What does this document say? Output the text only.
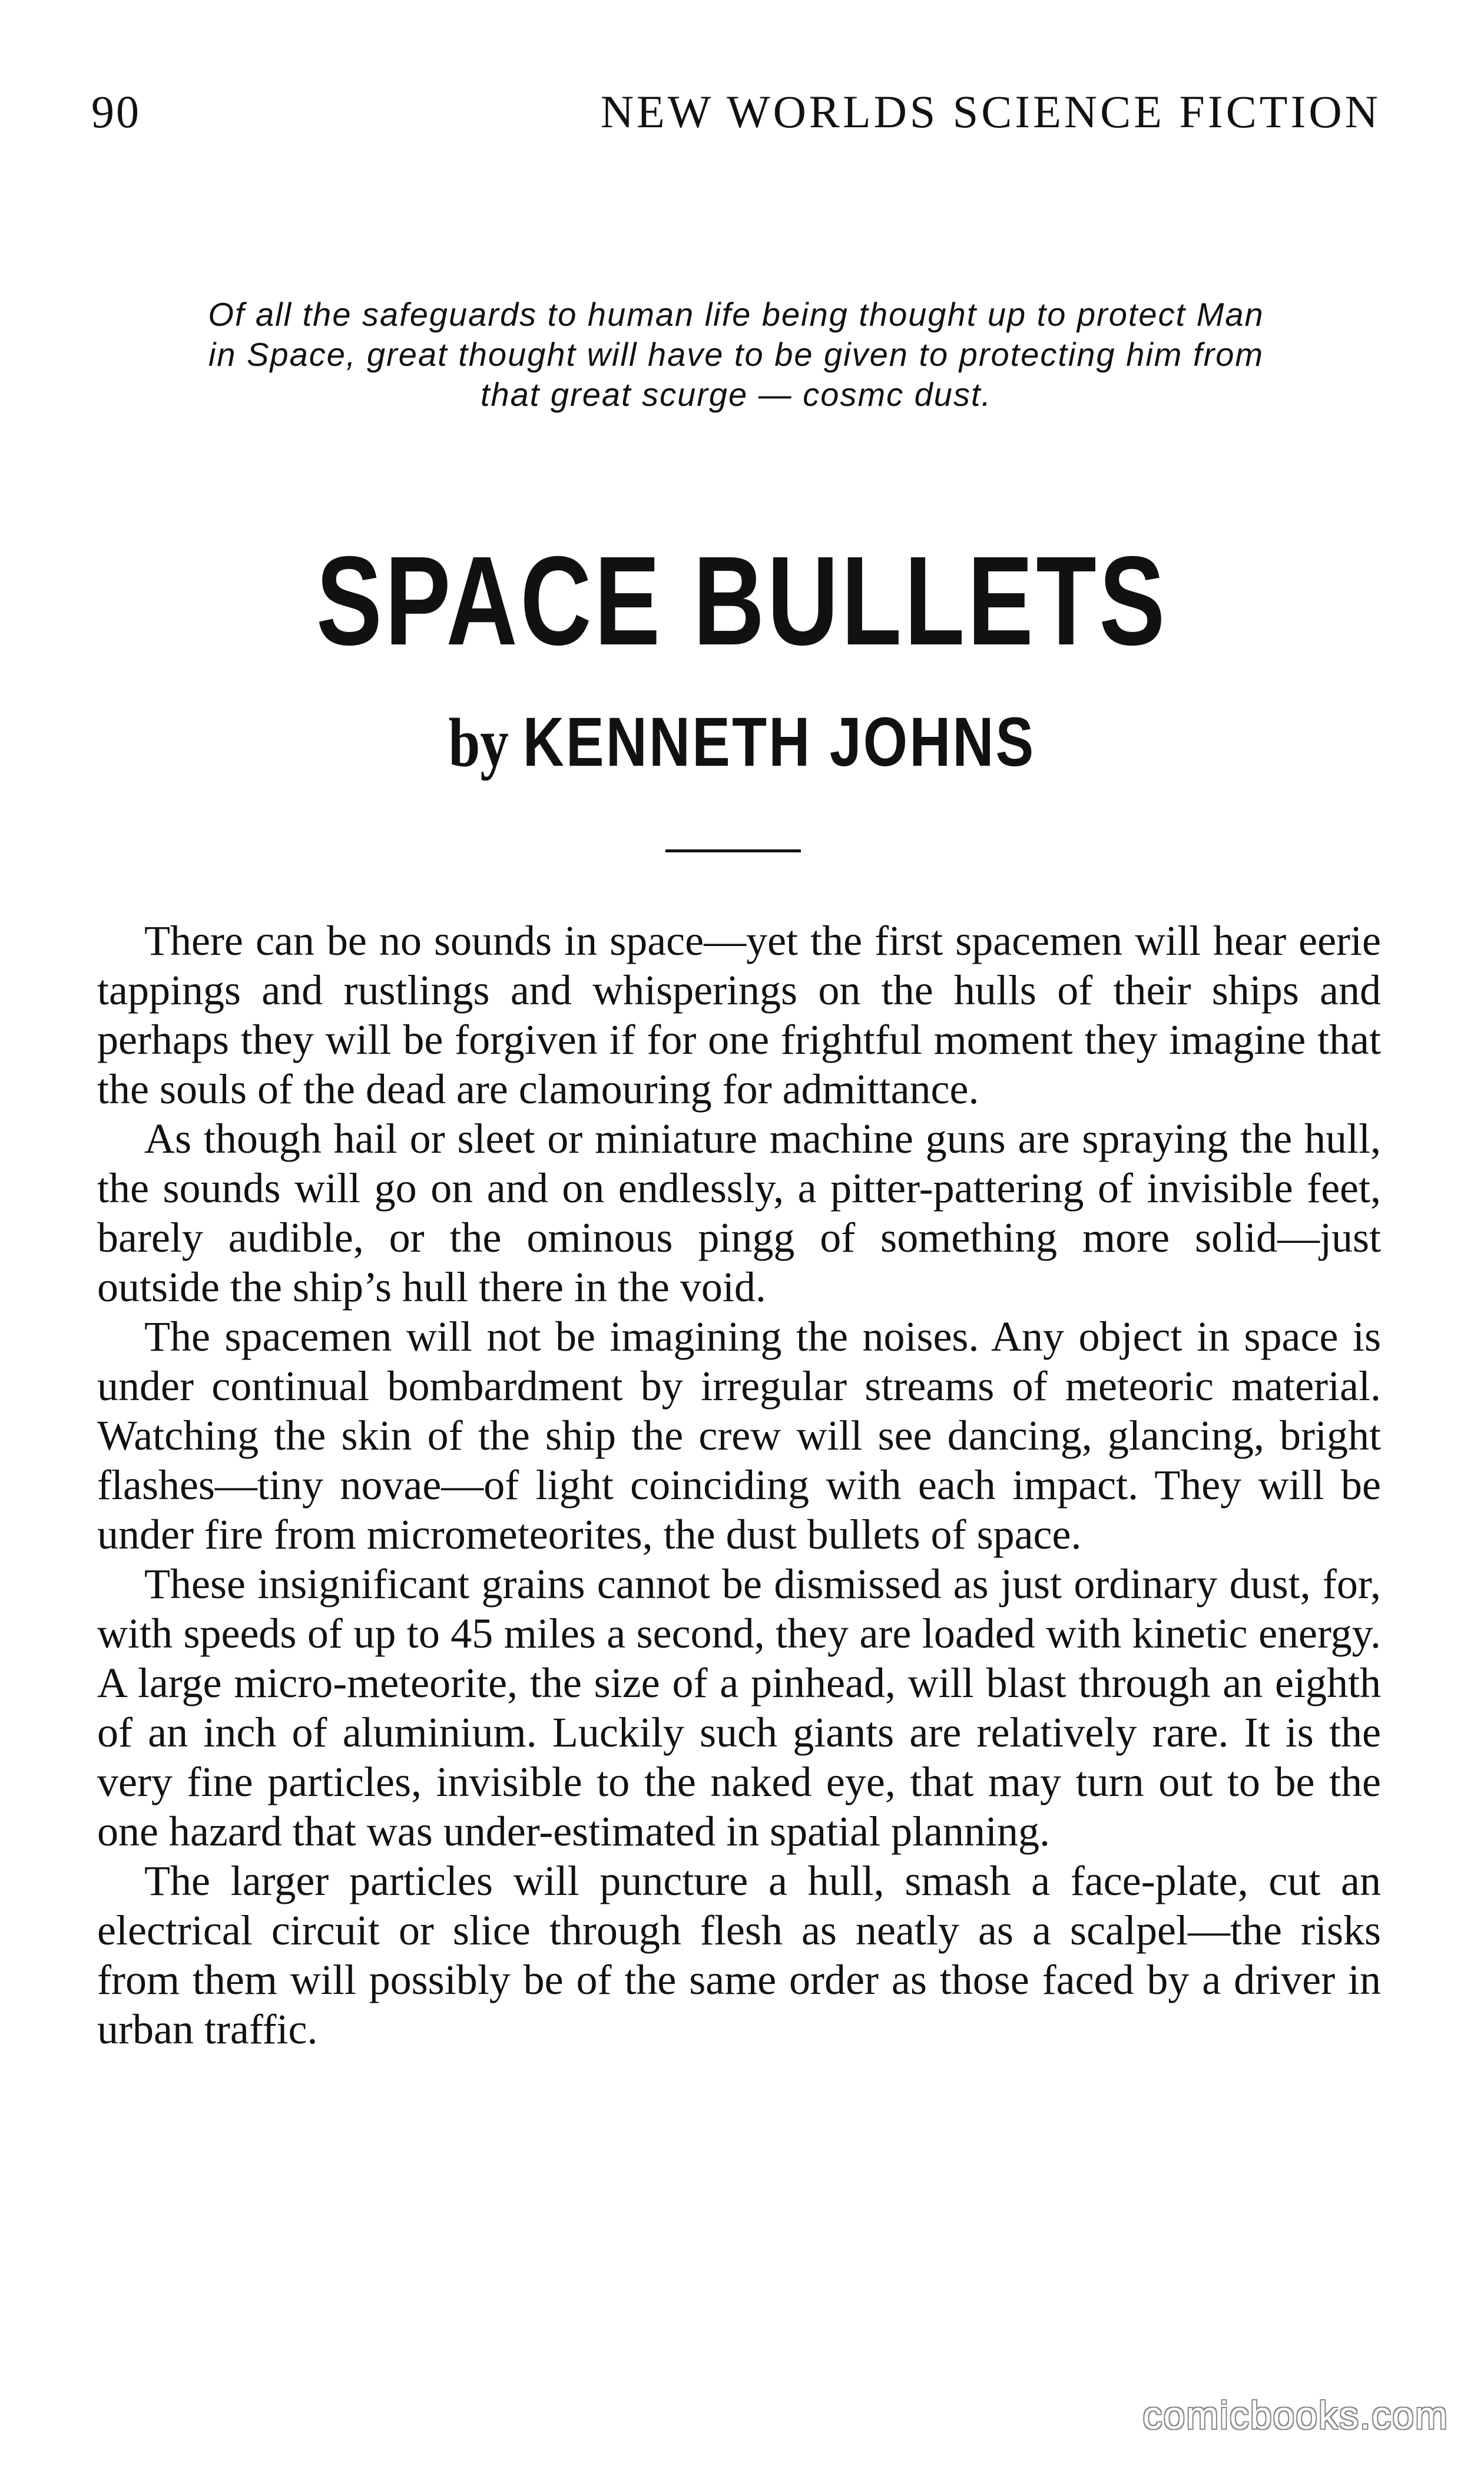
90	NEW WORLDS SCIENCE FICTION
Of all the safeguards to human life being thought up to protect Man in Space, great thought will have to be given to protecting him from that great scurge — cosmc dust.
SPACE BULLETS
by KENNETH JOHNS

There can be no sounds in space—yet the first spacemen will hear eerie tappings and rustlings and whisperings on the hulls of their ships and perhaps they will be forgiven if for one frightful moment they imagine that the souls of the dead are clamouring for admittance.

As though hail or sleet or miniature machine guns are spraying the hull, the sounds will go on and on endlessly, a pitter-pattering of invisible feet, barely audible, or the ominous pingg of something more solid—just outside the ship’s hull there in the void.

The spacemen will not be imagining the noises. Any object in space is under continual bombardment by irregular streams of meteoric material. Watching the skin of the ship the crew will see dancing, glancing, bright flashes—tiny novae—of light coinciding with each impact. They will be under fire from micrometeorites, the dust bullets of space.

These insignificant grains cannot be dismissed as just ordinary dust, for, with speeds of up to 45 miles a second, they are loaded with kinetic energy. A large micro-meteorite, the size of a pinhead, will blast through an eighth of an inch of aluminium. Luckily such giants are relatively rare. It is the very fine particles, invisible to the naked eye, that may turn out to be the one hazard that was under-estimated in spatial planning.

The larger particles will puncture a hull, smash a face-plate, cut an electrical circuit or slice through flesh as neatly as a scalpel—the risks from them will possibly be of the same order as those faced by a driver in urban traffic.

comicbooks.com
